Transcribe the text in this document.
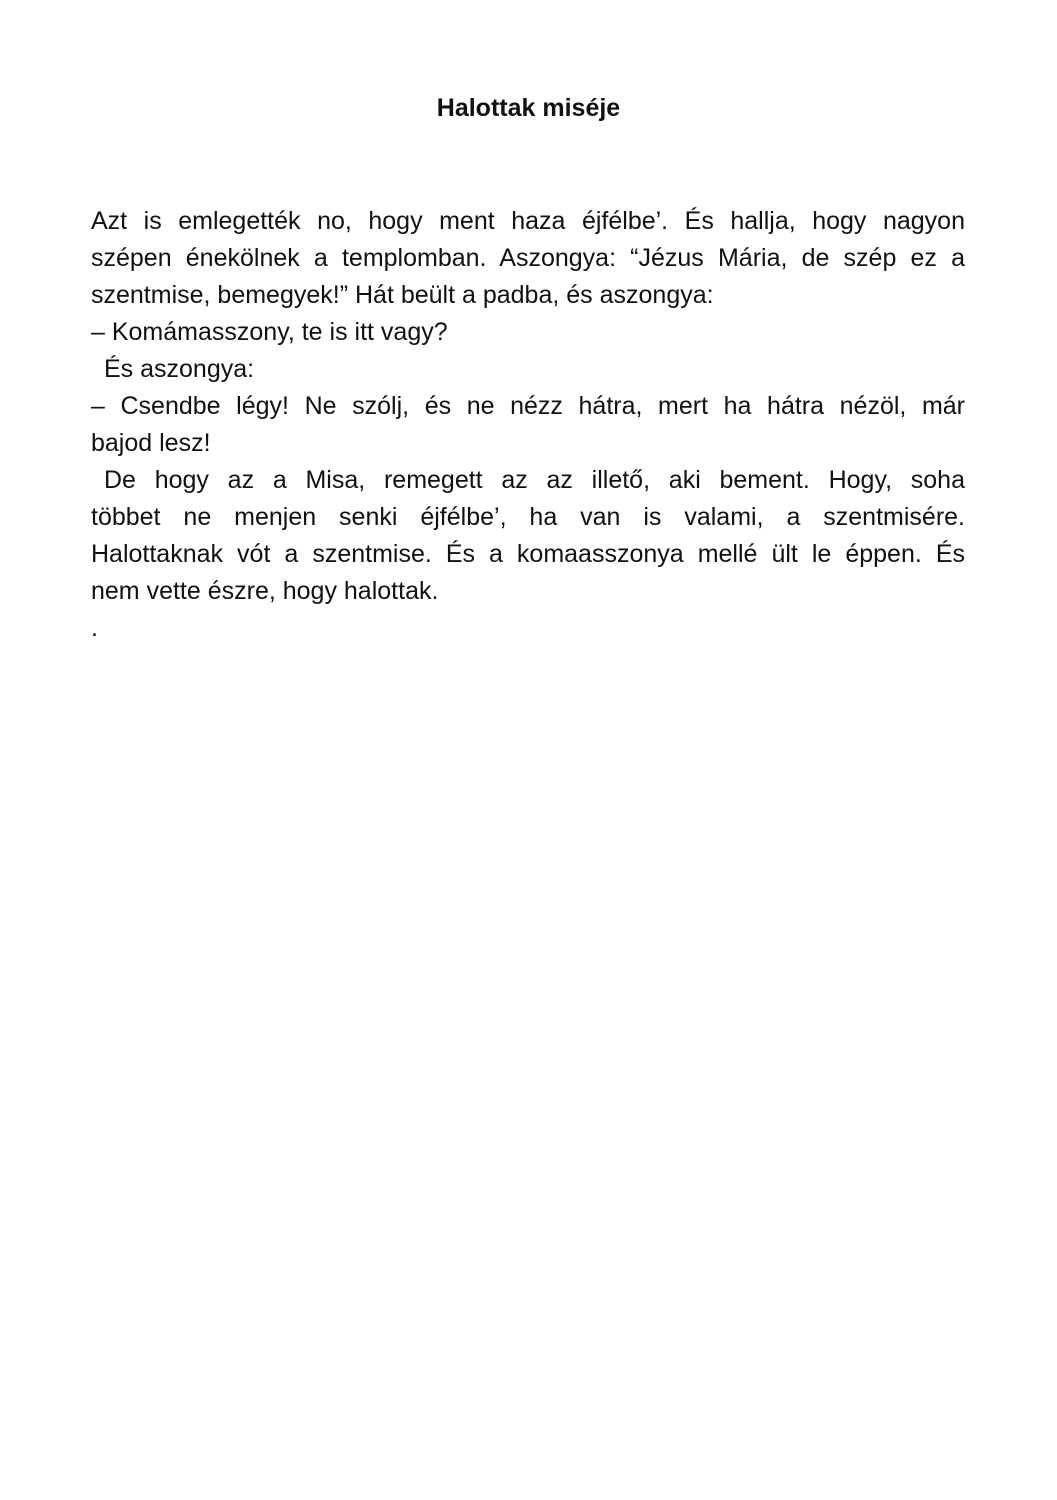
Halottak miséje
Azt is emlegették no, hogy ment haza éjfélbe’. És hallja, hogy nagyon
szépen énekölnek a templomban. Aszongya: “Jézus Mária, de szép ez a
szentmise, bemegyek!” Hát beült a padba, és aszongya:
– Komámasszony, te is itt vagy?
És aszongya:
– Csendbe légy! Ne szólj, és ne nézz hátra, mert ha hátra nézöl, már
bajod lesz!
De hogy az a Misa, remegett az az illető, aki bement. Hogy, soha
többet ne menjen senki éjfélbe’, ha van is valami, a szentmisére.
Halottaknak vót a szentmise. És a komaasszonya mellé ült le éppen. És
nem vette észre, hogy halottak.
.
